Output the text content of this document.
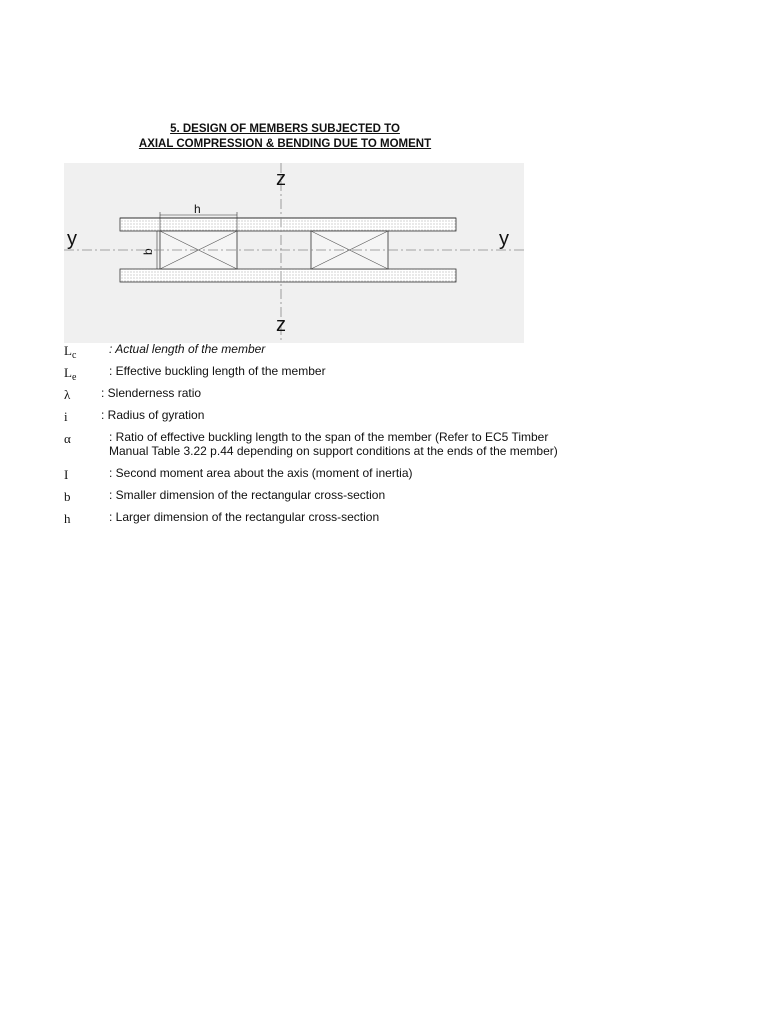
5. DESIGN OF MEMBERS SUBJECTED TO
AXIAL COMPRESSION & BENDING DUE TO MOMENT
h
b
z
z
y	y
$L_c$	: Actual length of the member
$L_e$	: Effective buckling length of the member
λ	: Slenderness ratio
i	: Radius of gyration
α	: Ratio of effective buckling length to the span of the member (Refer to EC5 Timber Manual Table 3.22 p.44 depending on support conditions at the ends of the member)
I	: Second moment area about the axis (moment of inertia)
b	: Smaller dimension of the rectangular cross-section
h	: Larger dimension of the rectangular cross-section
